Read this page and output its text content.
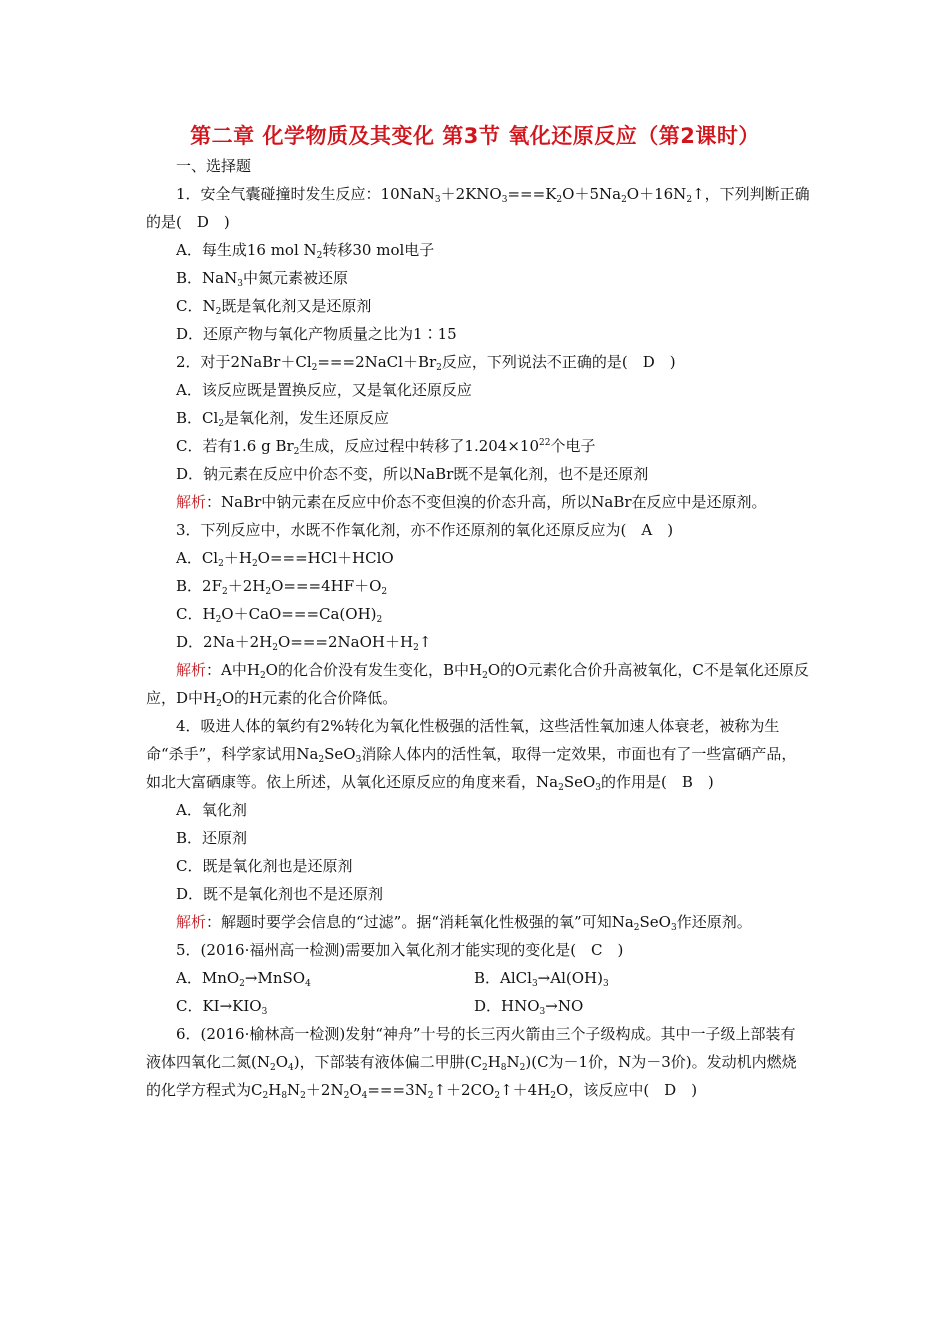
第二章 化学物质及其变化 第3节 氧化还原反应（第2课时）

一、选择题

1．安全气囊碰撞时发生反应：$10NaN_3+2KNO_3===K_2O+5Na_2O+16N_2↑$，下列判断正确的是(　D　)

A．每生成16 mol $N_2$转移30 mol电子

B．NaN$_3$中氮元素被还原

C．$N_2$既是氧化剂又是还原剂

D．还原产物与氧化产物质量之比为1∶15

2．对于$2NaBr+Cl_2===2NaCl+Br_2$反应，下列说法不正确的是(　D　)

A．该反应既是置换反应，又是氧化还原反应

B．$Cl_2$是氧化剂，发生还原反应

C．若有1.6 g $Br_2$生成，反应过程中转移了$1.204\times 10^{22}$个电子

D．钠元素在反应中价态不变，所以NaBr既不是氧化剂，也不是还原剂

解析：NaBr中钠元素在反应中价态不变但溴的价态升高，所以NaBr在反应中是还原剂。

3．下列反应中，水既不作氧化剂，亦不作还原剂的氧化还原反应为(　A　)

A．$Cl_2+H_2O===HCl+HClO$

B．$2F_2+2H_2O===4HF+O_2$

C．$H_2O+CaO===Ca(OH)_2$

D．$2Na+2H_2O===2NaOH+H_2↑$

解析：A中$H_2O$的化合价没有发生变化，B中$H_2O$的O元素化合价升高被氧化，C不是氧化还原反应，D中$H_2O$的H元素的化合价降低。

4．吸进人体的氧约有2%转化为氧化性极强的活性氧，这些活性氧加速人体衰老，被称为生命“杀手”，科学家试用$Na_2SeO_3$消除人体内的活性氧，取得一定效果，市面也有了一些富硒产品，如北大富硒康等。依上所述，从氧化还原反应的角度来看，$Na_2SeO_3$的作用是(　B　)

A．氧化剂

B．还原剂

C．既是氧化剂也是还原剂

D．既不是氧化剂也不是还原剂

解析：解题时要学会信息的“过滤”。据“消耗氧化性极强的氧”可知$Na_2SeO_3$作还原剂。

5．(2016·福州高一检测)需要加入氧化剂才能实现的变化是(　C　)

A．MnO$_2$→MnSO$_4$	B．$AlCl_3\to Al(OH)_3$
C．$KI\to KIO_3$	D．$HNO_3\to NO$

6．(2016·榆林高一检测)发射“神舟”十号的长三丙火箭由三个子级构成。其中一子级上部装有液体四氧化二氮$(N_2O_4)$，下部装有液体偏二甲肼$(C_2H_8N_2)(C$为－1价，N为－3价)。发动机内燃烧的化学方程式为$C_2H_8N_2+2N_2O_4===3N_2↑+2CO_2↑+4H_2O$，该反应中(　D　)
